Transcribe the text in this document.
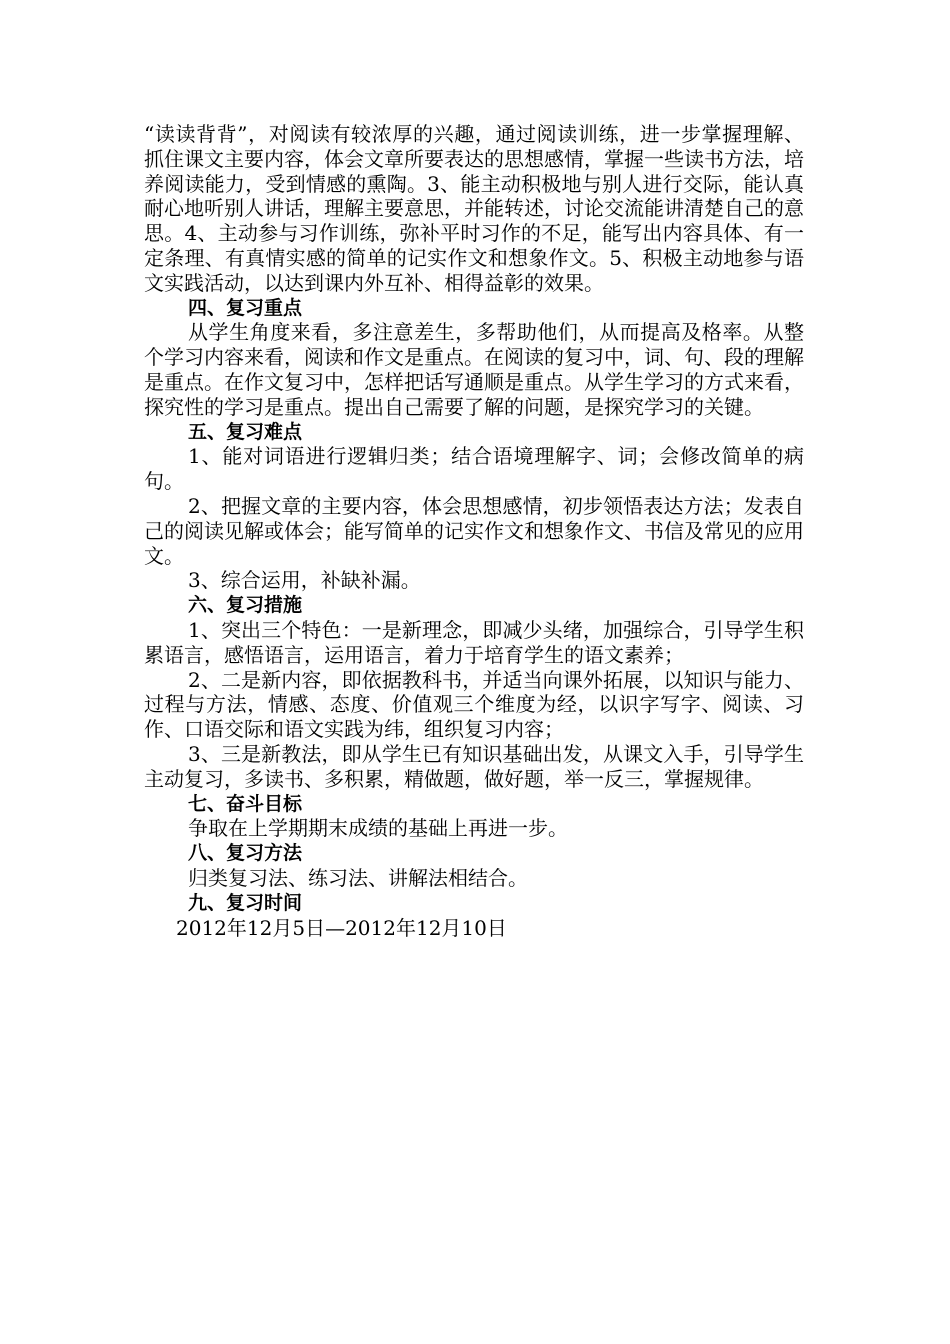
“读读背背”，对阅读有较浓厚的兴趣，通过阅读训练，进一步掌握理解、抓住课文主要内容，体会文章所要表达的思想感情，掌握一些读书方法，培养阅读能力，受到情感的熏陶。3、能主动积极地与别人进行交际，能认真耐心地听别人讲话，理解主要意思，并能转述，讨论交流能讲清楚自己的意思。4、主动参与习作训练，弥补平时习作的不足，能写出内容具体、有一定条理、有真情实感的简单的记实作文和想象作文。5、积极主动地参与语文实践活动，以达到课内外互补、相得益彰的效果。

四、复习重点

从学生角度来看，多注意差生，多帮助他们，从而提高及格率。从整个学习内容来看，阅读和作文是重点。在阅读的复习中，词、句、段的理解是重点。在作文复习中，怎样把话写通顺是重点。从学生学习的方式来看，探究性的学习是重点。提出自己需要了解的问题，是探究学习的关键。

五、复习难点

1、能对词语进行逻辑归类；结合语境理解字、词；会修改简单的病句。

2、把握文章的主要内容，体会思想感情，初步领悟表达方法；发表自己的阅读见解或体会；能写简单的记实作文和想象作文、书信及常见的应用文。

3、综合运用，补缺补漏。

六、复习措施

1、突出三个特色：一是新理念，即减少头绪，加强综合，引导学生积累语言，感悟语言，运用语言，着力于培育学生的语文素养；

2、二是新内容，即依据教科书，并适当向课外拓展，以知识与能力、过程与方法，情感、态度、价值观三个维度为经，以识字写字、阅读、习作、口语交际和语文实践为纬，组织复习内容；

3、三是新教法，即从学生已有知识基础出发，从课文入手，引导学生主动复习，多读书、多积累，精做题，做好题，举一反三，掌握规律。

七、奋斗目标

争取在上学期期末成绩的基础上再进一步。

八、复习方法

归类复习法、练习法、讲解法相结合。

九、复习时间

2012年12月5日—2012年12月10日
